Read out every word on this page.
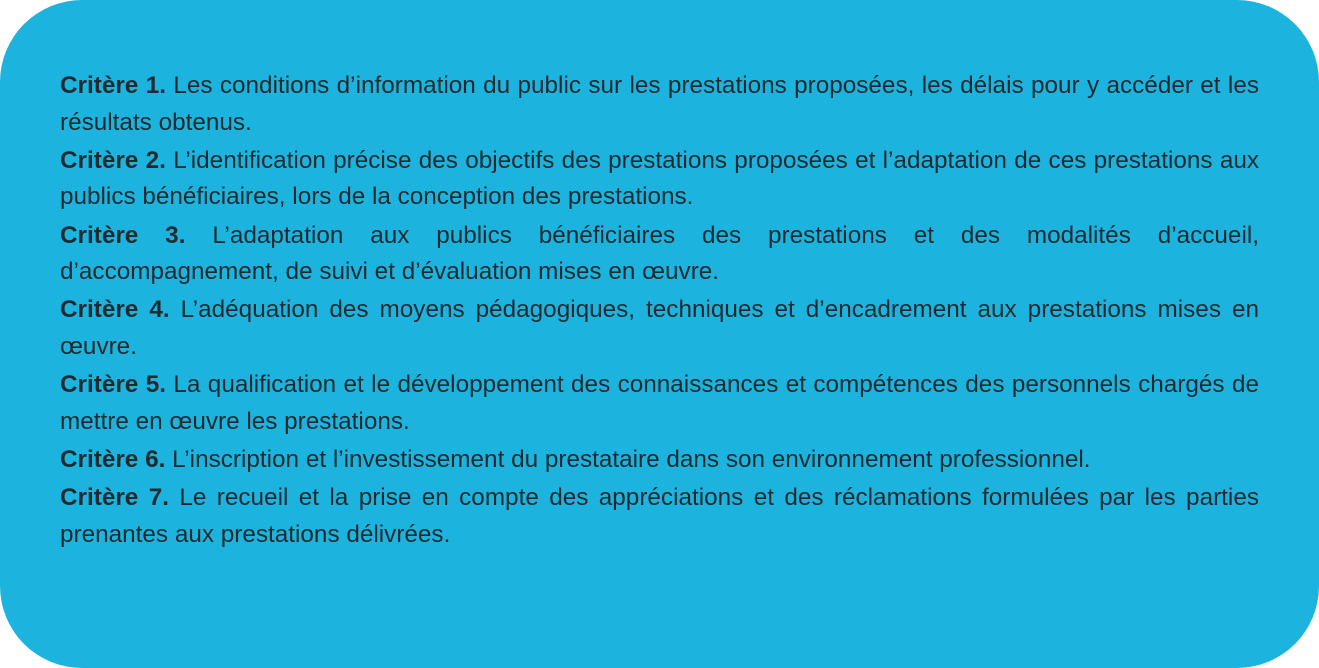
Critère 1. Les conditions d’information du public sur les prestations proposées, les délais pour y accéder et les résultats obtenus.

Critère 2. L’identification précise des objectifs des prestations proposées et l’adaptation de ces prestations aux publics bénéficiaires, lors de la conception des prestations.

Critère 3. L’adaptation aux publics bénéficiaires des prestations et des modalités d’accueil, d’accompagnement, de suivi et d’évaluation mises en œuvre.

Critère 4. L’adéquation des moyens pédagogiques, techniques et d’encadrement aux prestations mises en œuvre.

Critère 5. La qualification et le développement des connaissances et compétences des personnels chargés de mettre en œuvre les prestations.

Critère 6. L’inscription et l’investissement du prestataire dans son environnement professionnel.

Critère 7. Le recueil et la prise en compte des appréciations et des réclamations formulées par les parties prenantes aux prestations délivrées.
